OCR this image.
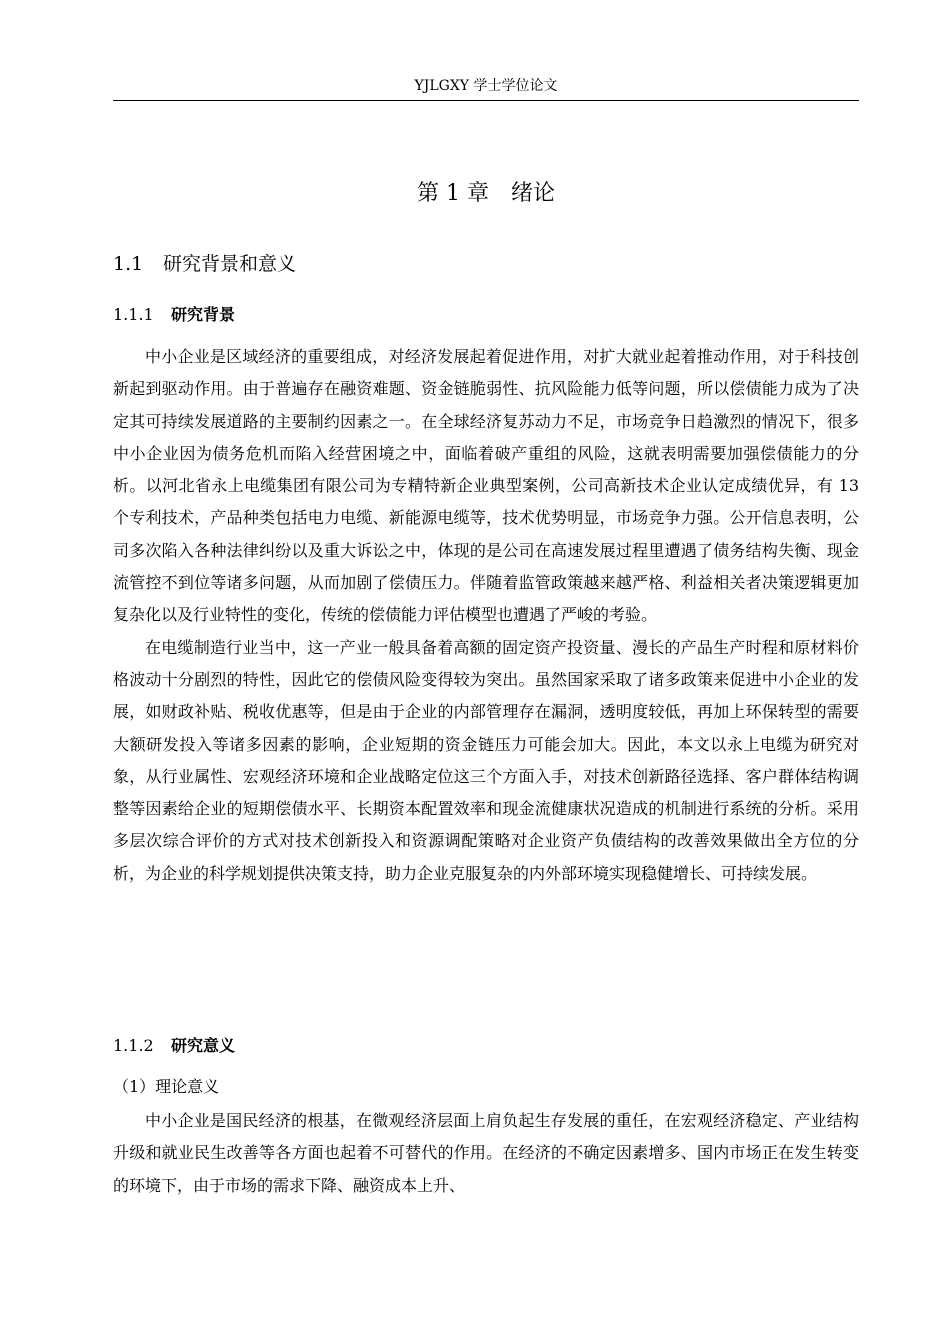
YJLGXY 学士学位论文
第 1 章　绪论
1.1 研究背景和意义
1.1.1 研究背景

中小企业是区域经济的重要组成，对经济发展起着促进作用，对扩大就业起着推动作用，对于科技创新起到驱动作用。由于普遍存在融资难题、资金链脆弱性、抗风险能力低等问题，所以偿债能力成为了决定其可持续发展道路的主要制约因素之一。在全球经济复苏动力不足，市场竞争日趋激烈的情况下，很多中小企业因为债务危机而陷入经营困境之中，面临着破产重组的风险，这就表明需要加强偿债能力的分析。以河北省永上电缆集团有限公司为专精特新企业典型案例，公司高新技术企业认定成绩优异，有 13 个专利技术，产品种类包括电力电缆、新能源电缆等，技术优势明显，市场竞争力强。公开信息表明，公司多次陷入各种法律纠纷以及重大诉讼之中，体现的是公司在高速发展过程里遭遇了债务结构失衡、现金流管控不到位等诸多问题，从而加剧了偿债压力。伴随着监管政策越来越严格、利益相关者决策逻辑更加复杂化以及行业特性的变化，传统的偿债能力评估模型也遭遇了严峻的考验。

在电缆制造行业当中，这一产业一般具备着高额的固定资产投资量、漫长的产品生产时程和原材料价格波动十分剧烈的特性，因此它的偿债风险变得较为突出。虽然国家采取了诸多政策来促进中小企业的发展，如财政补贴、税收优惠等，但是由于企业的内部管理存在漏洞，透明度较低，再加上环保转型的需要大额研发投入等诸多因素的影响，企业短期的资金链压力可能会加大。因此，本文以永上电缆为研究对象，从行业属性、宏观经济环境和企业战略定位这三个方面入手，对技术创新路径选择、客户群体结构调整等因素给企业的短期偿债水平、长期资本配置效率和现金流健康状况造成的机制进行系统的分析。采用多层次综合评价的方式对技术创新投入和资源调配策略对企业资产负债结构的改善效果做出全方位的分析，为企业的科学规划提供决策支持，助力企业克服复杂的内外部环境实现稳健增长、可持续发展。

1.1.2 研究意义
（1）理论意义

中小企业是国民经济的根基，在微观经济层面上肩负起生存发展的重任，在宏观经济稳定、产业结构升级和就业民生改善等各方面也起着不可替代的作用。在经济的不确定因素增多、国内市场正在发生转变的环境下，由于市场的需求下降、融资成本上升、
